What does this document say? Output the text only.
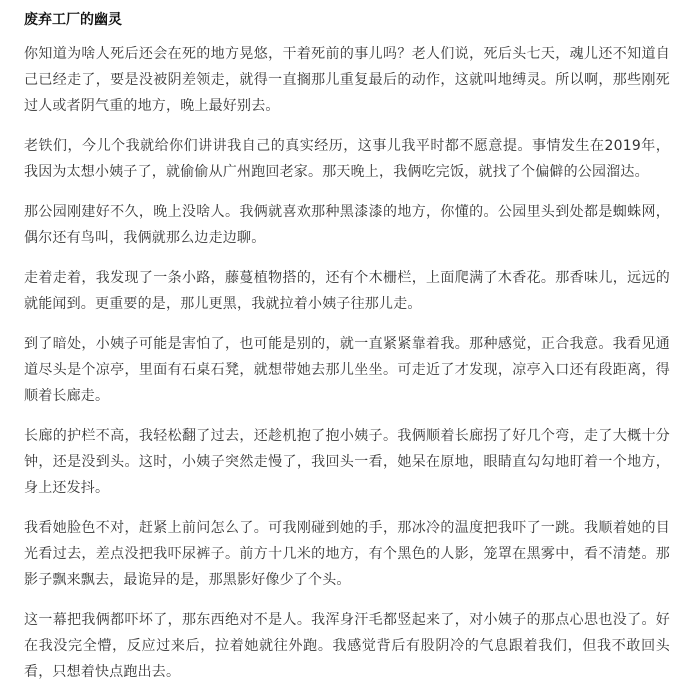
废弃工厂的幽灵

你知道为啥人死后还会在死的地方晃悠，干着死前的事儿吗？老人们说，死后头七天，魂儿还不知道自己已经走了，要是没被阴差领走，就得一直搁那儿重复最后的动作，这就叫地缚灵。所以啊，那些刚死过人或者阴气重的地方，晚上最好别去。

老铁们，今儿个我就给你们讲讲我自己的真实经历，这事儿我平时都不愿意提。事情发生在2019年，我因为太想小姨子了，就偷偷从广州跑回老家。那天晚上，我俩吃完饭，就找了个偏僻的公园溜达。

那公园刚建好不久，晚上没啥人。我俩就喜欢那种黑漆漆的地方，你懂的。公园里头到处都是蜘蛛网，偶尔还有鸟叫，我俩就那么边走边聊。

走着走着，我发现了一条小路，藤蔓植物搭的，还有个木栅栏，上面爬满了木香花。那香味儿，远远的就能闻到。更重要的是，那儿更黑，我就拉着小姨子往那儿走。

到了暗处，小姨子可能是害怕了，也可能是别的，就一直紧紧靠着我。那种感觉，正合我意。我看见通道尽头是个凉亭，里面有石桌石凳，就想带她去那儿坐坐。可走近了才发现，凉亭入口还有段距离，得顺着长廊走。

长廊的护栏不高，我轻松翻了过去，还趁机抱了抱小姨子。我俩顺着长廊拐了好几个弯，走了大概十分钟，还是没到头。这时，小姨子突然走慢了，我回头一看，她呆在原地，眼睛直勾勾地盯着一个地方，身上还发抖。

我看她脸色不对，赶紧上前问怎么了。可我刚碰到她的手，那冰冷的温度把我吓了一跳。我顺着她的目光看过去，差点没把我吓尿裤子。前方十几米的地方，有个黑色的人影，笼罩在黑雾中，看不清楚。那影子飘来飘去，最诡异的是，那黑影好像少了个头。

这一幕把我俩都吓坏了，那东西绝对不是人。我浑身汗毛都竖起来了，对小姨子的那点心思也没了。好在我没完全懵，反应过来后，拉着她就往外跑。我感觉背后有股阴冷的气息跟着我们，但我不敢回头看，只想着快点跑出去。
